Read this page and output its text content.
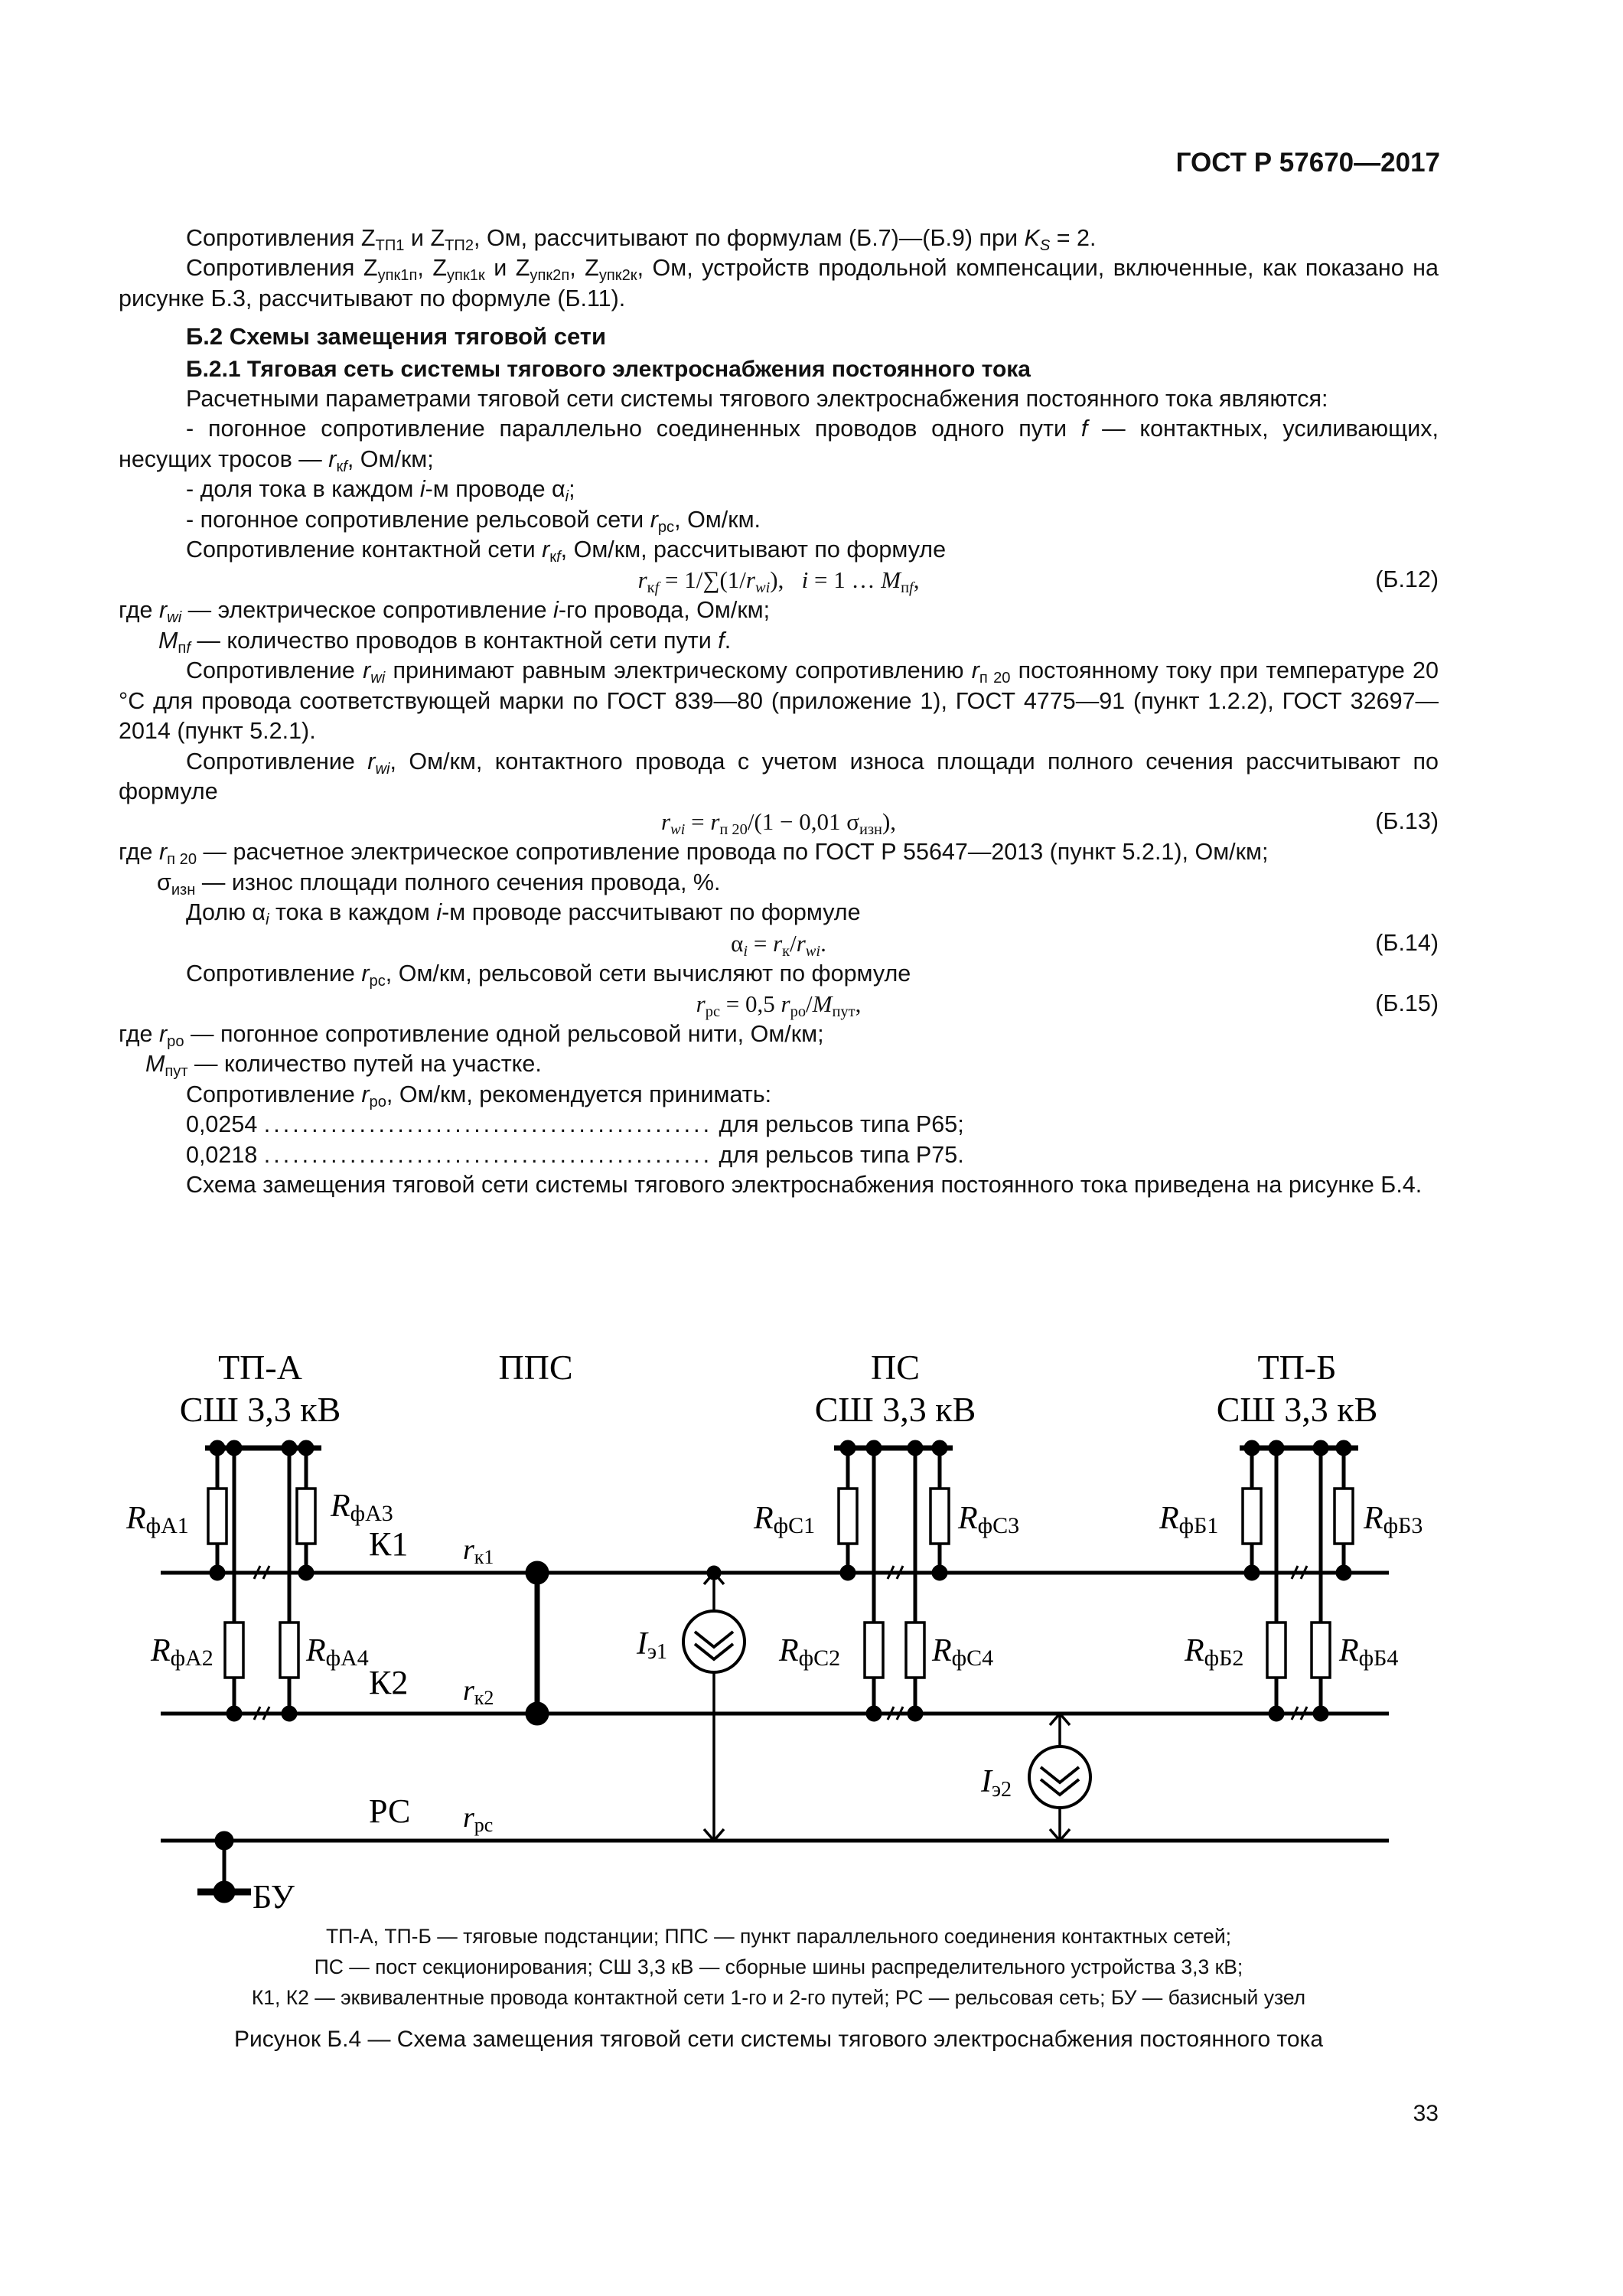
ГОСТ Р 57670—2017

Сопротивления $Z_{ТП1}$ и $Z_{ТП2}$, Ом, рассчитывают по формулам (Б.7)—(Б.9) при $K_S = 2$.

Сопротивления $Z_{упк1п}$, $Z_{упк1к}$ и $Z_{упк2п}$, $Z_{упк2к}$, Ом, устройств продольной компенсации, включенные, как показано на рисунке Б.3, рассчитывают по формуле (Б.11).

Б.2 Схемы замещения тяговой сети

Б.2.1 Тяговая сеть системы тягового электроснабжения постоянного тока

Расчетными параметрами тяговой сети системы тягового электроснабжения постоянного тока являются:

- погонное сопротивление параллельно соединенных проводов одного пути f — контактных, усиливающих, несущих тросов — $r_{кf}$, Ом/км;

- доля тока в каждом i-м проводе $\alpha_i$;

- погонное сопротивление рельсовой сети $r_{рс}$, Ом/км.

Сопротивление контактной сети $r_{кf}$, Ом/км, рассчитывают по формуле

$r_{кf} = 1/\sum(1/r_{wi})$,   i = 1 … $M_{пf}$,	(Б.12)

где $r_{wi}$ — электрическое сопротивление i-го провода, Ом/км;

$M_{пf}$ — количество проводов в контактной сети пути f.

Сопротивление $r_{wi}$ принимают равным электрическому сопротивлению $r_{п 20}$ постоянному току при температуре 20 °С для провода соответствующей марки по ГОСТ 839—80 (приложение 1), ГОСТ 4775—91 (пункт 1.2.2), ГОСТ 32697—2014 (пункт 5.2.1).

Сопротивление $r_{wi}$, Ом/км, контактного провода с учетом износа площади полного сечения рассчитывают по формуле

$r_{wi} = r_{п 20}/(1 - 0,01$ $\sigma_{изн}$),	(Б.13)

где $r_{п 20}$ — расчетное электрическое сопротивление провода по ГОСТ Р 55647—2013 (пункт 5.2.1), Ом/км;

$\sigma_{изн}$ — износ площади полного сечения провода, %.

Долю $\alpha_i$ тока в каждом i-м проводе рассчитывают по формуле

$\alpha_i = r_к/r_{wi}$.	(Б.14)

Сопротивление $r_{рс}$, Ом/км, рельсовой сети вычисляют по формуле

$r_{рс} = 0,5$ $r_{ро}/M_{пут}$,	(Б.15)

где $r_{ро}$ — погонное сопротивление одной рельсовой нити, Ом/км;

$M_{пут}$ — количество путей на участке.

Сопротивление $r_{ро}$, Ом/км, рекомендуется принимать:

0,0254 ............................................... для рельсов типа Р65;

0,0218 ............................................... для рельсов типа Р75.

Схема замещения тяговой сети системы тягового электроснабжения постоянного тока приведена на рисунке Б.4.

ТП-А
СШ 3,3 кВ
ППС	ПС
СШ 3,3 кВ
ТП-Б
СШ 3,3 кВ
К1
К2
РС
БУ
rк1
rк2
rрс
Iэ1
Iэ2
RфА1
RфА3
RфА2	RфА4
RфС1	RфС3
RфС2	RфС4
RфБ1	RфБ3
RфБ2	RфБ4
ТП-А, ТП-Б — тяговые подстанции; ППС — пункт параллельного соединения контактных сетей;
ПС — пост секционирования; СШ 3,3 кВ — сборные шины распределительного устройства 3,3 кВ;
К1, К2 — эквивалентные провода контактной сети 1-го и 2-го путей; РС — рельсовая сеть; БУ — базисный узел
Рисунок Б.4 — Схема замещения тяговой сети системы тягового электроснабжения постоянного тока
33
